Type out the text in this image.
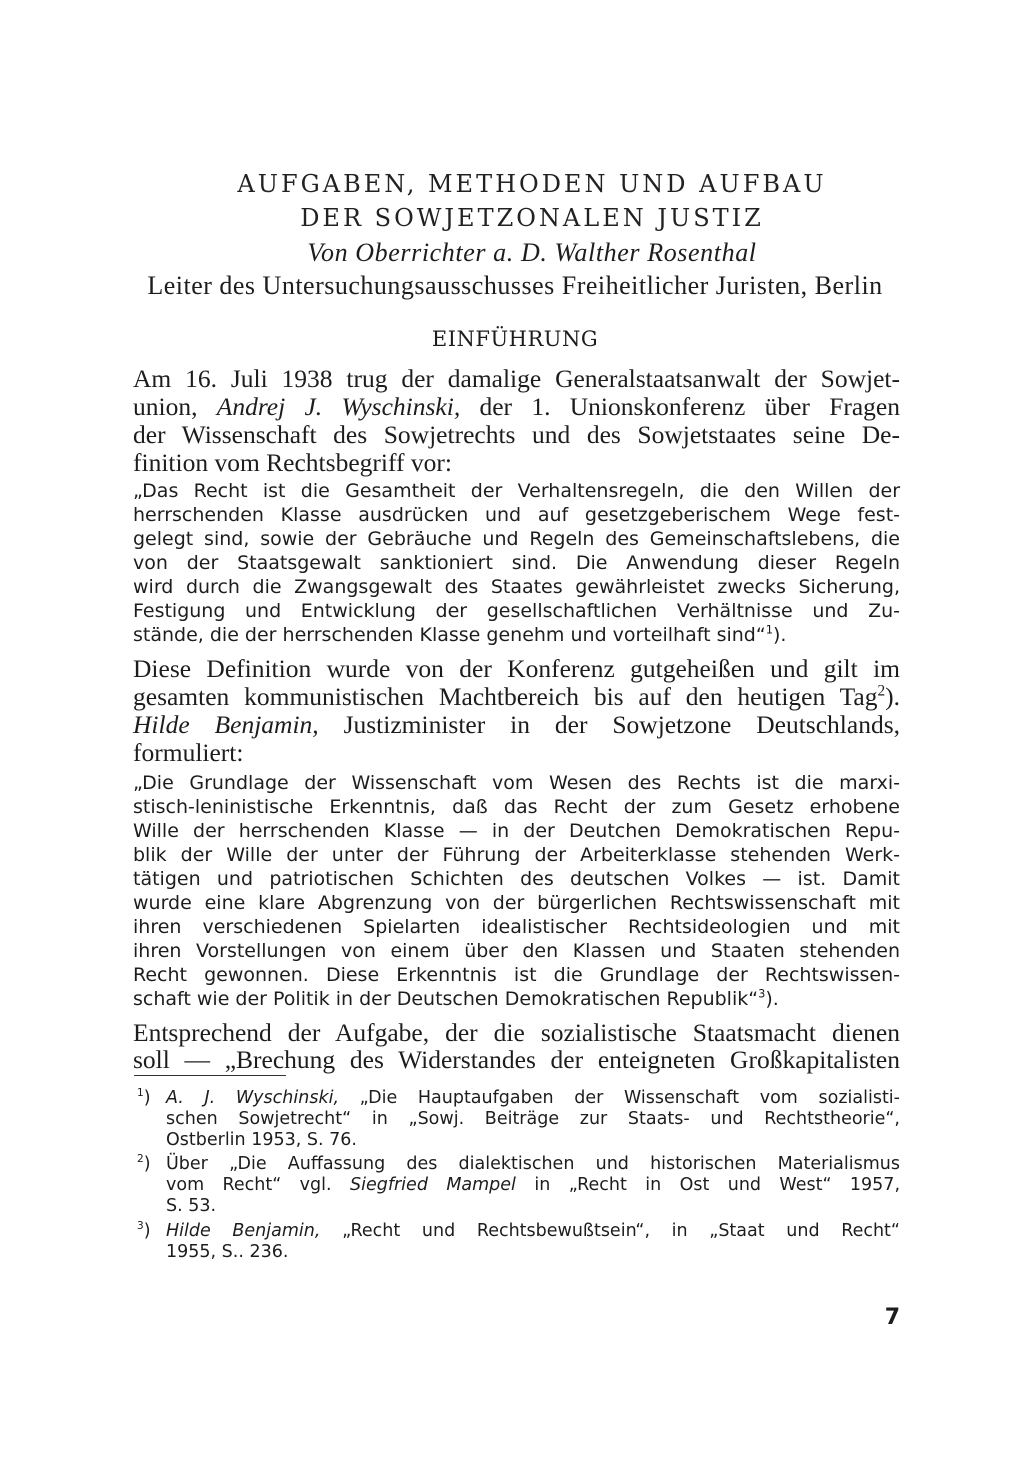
AUFGABEN, METHODEN UND AUFBAU
DER SOWJETZONALEN JUSTIZ
Von Oberrichter a. D. Walther Rosenthal
Leiter des Untersuchungsausschusses Freiheitlicher Juristen, Berlin
EINFÜHRUNG
Am 16. Juli 1938 trug der damalige Generalstaatsanwalt der Sowjet-
union, Andrej J. Wyschinski, der 1. Unionskonferenz über Fragen
der Wissenschaft des Sowjetrechts und des Sowjetstaates seine De-
finition vom Rechtsbegriff vor:
„Das Recht ist die Gesamtheit der Verhaltensregeln, die den Willen der
herrschenden Klasse ausdrücken und auf gesetzgeberischem Wege fest-
gelegt sind, sowie der Gebräuche und Regeln des Gemeinschaftslebens, die
von der Staatsgewalt sanktioniert sind. Die Anwendung dieser Regeln
wird durch die Zwangsgewalt des Staates gewährleistet zwecks Sicherung,
Festigung und Entwicklung der gesellschaftlichen Verhältnisse und Zu-
stände, die der herrschenden Klasse genehm und vorteilhaft sind“$^1$).
Diese Definition wurde von der Konferenz gutgeheißen und gilt im
gesamten kommunistischen Machtbereich bis auf den heutigen Tag$^2$).
Hilde Benjamin, Justizminister in der Sowjetzone Deutschlands,
formuliert:
„Die Grundlage der Wissenschaft vom Wesen des Rechts ist die marxi-
stisch-leninistische Erkenntnis, daß das Recht der zum Gesetz erhobene
Wille der herrschenden Klasse — in der Deutchen Demokratischen Repu-
blik der Wille der unter der Führung der Arbeiterklasse stehenden Werk-
tätigen und patriotischen Schichten des deutschen Volkes — ist. Damit
wurde eine klare Abgrenzung von der bürgerlichen Rechtswissenschaft mit
ihren verschiedenen Spielarten idealistischer Rechtsideologien und mit
ihren Vorstellungen von einem über den Klassen und Staaten stehenden
Recht gewonnen. Diese Erkenntnis ist die Grundlage der Rechtswissen-
schaft wie der Politik in der Deutschen Demokratischen Republik“$^3$).
Entsprechend der Aufgabe, der die sozialistische Staatsmacht dienen
soll — „Brechung des Widerstandes der enteigneten Großkapitalisten
$^1$) A. J. Wyschinski, „Die Hauptaufgaben der Wissenschaft vom sozialisti-
schen Sowjetrecht“ in „Sowj. Beiträge zur Staats- und Rechtstheorie“,
Ostberlin 1953, S. 76.
$^2$) Über „Die Auffassung des dialektischen und historischen Materialismus
vom Recht“ vgl. Siegfried Mampel in „Recht in Ost und West“ 1957,
S. 53.
$^3$) Hilde Benjamin, „Recht und Rechtsbewußtsein“, in „Staat und Recht“
1955, S.. 236.
7
